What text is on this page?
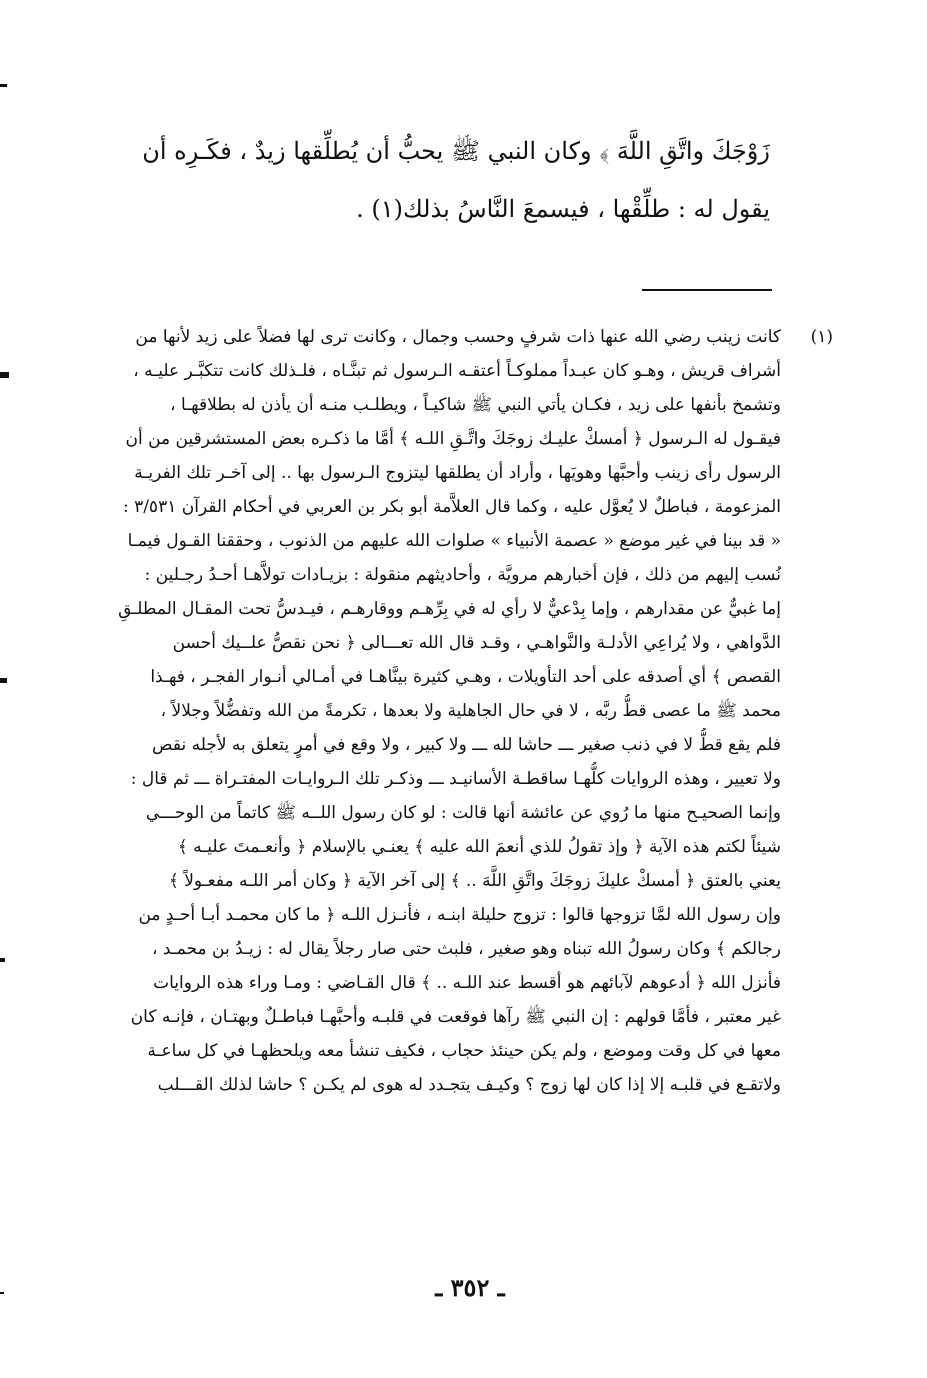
زَوْجَكَ واتَّقِ اللَّهَ ﴾ وكان النبي ﷺ يحبُّ أن يُطلِّقها زيدٌ ، فكَـرِه أن

يقول له : طلِّقْها ، فيسمعَ النَّاسُ بذلك(١) .

(١)
كانت زينب رضي الله عنها ذات شرفٍ وحسب وجمال ، وكانت ترى لها فضلاً على زيد لأنها من
أشراف قريش ، وهـو كان عبـداً مملوكـاً أعتقـه الـرسول ثم تبنَّـاه ، فلـذلك كانت تتكبَّـر عليـه ،
وتشمخ بأنفها على زيد ، فكـان يأتي النبي ﷺ شاكيـاً ، ويطلـب منـه أن يأذن له بطلاقهـا ،
فيقـول له الـرسول ﴿ أمسكْ عليـك زوجَكَ واتَّـقِ اللـه ﴾ أمَّا ما ذكـره بعض المستشرقين من أن
الرسول رأى زينب وأحبَّها وهويَها ، وأراد أن يطلقها ليتزوج الـرسول بها .. إلى آخـر تلك الفريـة
المزعومة ، فباطلٌ لا يُعوَّل عليه ، وكما قال العلاَّمة أبو بكر بن العربي في أحكام القرآن ٣/٥٣١ :
« قد بينا في غير موضع « عصمة الأنبياء » صلوات الله عليهم من الذنوب ، وحققنا القـول فيمـا
نُسب إليهم من ذلك ، فإن أخبارهم مرويَّة ، وأحاديثهم منقولة : بزيـادات تولاَّهـا أحـدُ رجـلين :
إما غبيٌّ عن مقدارهم ، وإما بِدْعيٌّ لا رأي له في بِرِّهـم ووقارهـم ، فيـدسُّ تحت المقـال المطلـقِ
الدَّواهي ، ولا يُراعِي الأدلـة والنَّواهـي ، وقـد قال الله تعـــالى ﴿ نحن نقصُّ علــيك أحسن
القصص ﴾ أي أصدقه على أحد التأويلات ، وهـي كثيرة بينَّاهـا في أمـالي أنـوار الفجـر ، فهـذا
محمد ﷺ ما عصى قطُّ ربَّه ، لا في حال الجاهلية ولا بعدها ، تكرمةً من الله وتفضُّلاً وجلالاً ،
فلم يقع قطُّ لا في ذنب صغير ـــ حاشا لله ـــ ولا كبير ، ولا وقع في أمرٍ يتعلق به لأجله نقص
ولا تعيير ، وهذه الروايات كلُّهـا ساقطـة الأسانيـد ـــ وذكـر تلك الـروايـات المفتـراة ـــ ثم قال :
وإنما الصحيـح منها ما رُوي عن عائشة أنها قالت : لو كان رسول اللــه ﷺ كاتماً من الوحـــي
شيئاً لكتم هذه الآية ﴿ وإذ تقولُ للذي أنعمَ الله عليه ﴾ يعنـي بالإسلام ﴿ وأنعـمتَ عليـه ﴾
يعني بالعتق ﴿ أمسكْ عليكَ زوجَكَ واتَّقِ اللَّهَ .. ﴾ إلى آخر الآية ﴿ وكان أمر اللـه مفعـولاً ﴾
وإن رسول الله لمَّا تزوجها قالوا : تزوج حليلة ابنـه ، فأنـزل اللـه ﴿ ما كان محمـد أبـا أحـدٍ من
رجالكم ﴾ وكان رسولُ الله تبناه وهو صغير ، فلبث حتى صار رجلاً يقال له : زيـدُ بن محمـد ،
فأنزل الله ﴿ أدعوهم لآبائهم هو أقسط عند اللـه .. ﴾ قال القـاضي : ومـا وراء هذه الروايات
غير معتبر ، فأمَّا قولهم : إن النبي ﷺ رآها فوقعت في قلبـه وأحبَّهـا فباطـلٌ وبهتـان ، فإنـه كان
معها في كل وقت وموضع ، ولم يكن حينئذ حجاب ، فكيف تنشأ معه ويلحظهـا في كل ساعـة
ولاتقـع في قلبـه إلا إذا كان لها زوج ؟ وكيـف يتجـدد له هوى لم يكـن ؟ حاشا لذلك القـــلب
ـ ٣٥٢ ـ
